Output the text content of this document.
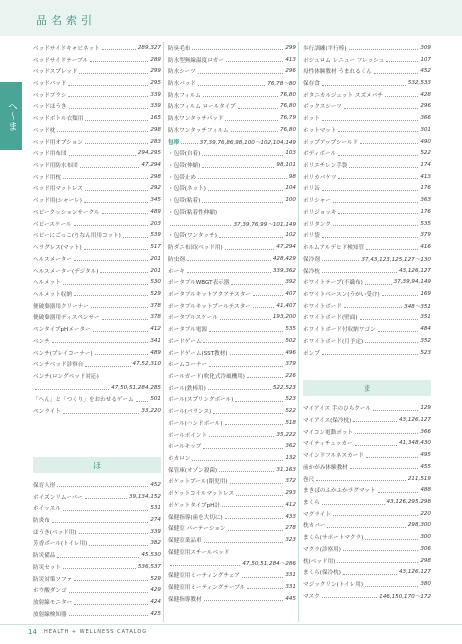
品名索引
へ〜ま
ベッドサイドキャビネット	289,327
ベッドサイドテーブル	289
ベッドスプレッド	299
ベッドパッド	295
ベッドブラシ	339
ベッドほうき	339
ベッドボトル衣類用	165
ベッド枕	298
ベッド用オプション	283
ベッド用布団	294,295
ベッド用防水布団	47,294
ベッド用枕	298
ベッド用マットレス	292
ベッド用(シャーレ)	345
ベビークッションサークル	489
ベビースケール	203
ベビーにごっこ(りなん用用コット)	539
ヘラグレス(マット)	517
ヘルスメーター	201
ヘルスメーター(デジタル)	201
ヘルメット	530
ヘルメット収納	529
便破棄器用クリーナー	378
便破棄器用ディスペンサー	378
ペンタイプpHメーター	412
ベンチ	341
ベンチ(プレイコーナー)	489
ベンチベッド診察台	47,52,310
ベンチ(ロングベッド対応)
47,50,51,284,285
「へん」と「つくり」をおわせるゲーム	501
ペンライト	33,220
ほ
保育人形	452
ボイズンリムーバー	39,134,152
ホイッスル	531
防炎布	274
ほうき(ベッド用)	339
芳香ボール(トイレ用)	382
防災備品	45,530
防災セット	536,537
防災対策ソファ	529
ホウ酸ダンゴ	429
放射線モニター	424
放射線検知器	425
防臭毛布	299
防水型無線温度ロガー	413
防水シーツ	296
防水パッド	76,78〜80
防水フィルム	76,80
防水フィルム ロールタイプ	76,80
防水ワンタッチパッド	76,79
防水ワンタッチフィルム	76,80
包帯	37,39,76,86,98,100〜102,104,149
・包帯(自着)	103
・包帯(伸縮)	98,101
・包帯止め	98
・包帯(ネット)	104
・包帯(粘着)	100
・包帯(粘着性伸縮)
37,39,76,99〜101,149
・包帯(ワンタッチ)	102
防ダニ布団(ベッド用)	47,294
防虫剤	428,429
ホーキ	339,362
ポータブルWBGT表示器	392
ポータブルキットアクアテスター	407
ポータブルキットプールテスター	41,407
ポータブルスケール	193,200
ポータブル電源	535
ボードゲーム	502
ボードゲーム(SST教材)	496
ホームコーナー	379
ボールガード(吹化式冷風機用)	226
ボール(鉄棒用)	522,523
ボール(スプリングボール)	523
ボール(バランス)	522
ボール(ハンドボール)	518
ボールポイント	35,222
ホールキッブ	362
ホカロン	132
保管庫(オゾン殺菌)	31,163
ポケットプール(閉児用)	372
ポケットコイルマットレス	293
ポケットタイプpH計	412
保健指導(歯を大切に)	433
保健室 パーテーション	278
保健室業品車	323
保健室用スチールベッド
47,50,51,284〜286
保健室用ミーティングチェア	331
保健室用ミーティングテーブル	331
保健指導教材	445
歩行訓練(平行棒)	309
ポシュロム レニュー フレッシュ	107
母性体験教材 うまれるくん	452
保存食	532,533
ポタニカルジェット スズメバチ	428
ボックスシーツ	296
ポット	366
ホットマット	301
ポップアップシールド	490
ボディボール	522
ポリエチレン手袋	174
ポリカバケツ	413
ポリ缶	176
ポリシャー	363
ポリジョッキ	176
ポリタンク	535
ポリ袋	379
ホルムアルデヒド検知管	416
保冷剤	37,43,123,125,127〜130
保冷枕	43,126,127
ホワイトテープ(不織布)	37,39,94,149
ホワイトベースン(うがい受け)	169
ホワイトボード	348〜351
ホワイトボード(壁面)	351
ホワイトボード付収納ワゴン	484
ホワイトボード(月予定)	352
ポンプ	523
ま
マイアイス 手のひらクール	129
マイアイス(保冷枕)	43,126,127
マイコン電動ポット	366
マイティチェッカー	41,348,430
マインドフルネスカード	495
前かがみ体験教材	455
巻尺	211,519
まきばのふかふかラグマット	488
まくら	43,126,295,298
マグライト	220
枕カバー	298,300
まくら(サポートマクラ)	300
マクラ(診察用)	306
枕(ベッド用)	298
まくら(保冷枕)	43,126,127
マジックリン(トイレ用)	380
マスク	146,150,170〜172
14 HEALTH + WELLNESS CATALOG
